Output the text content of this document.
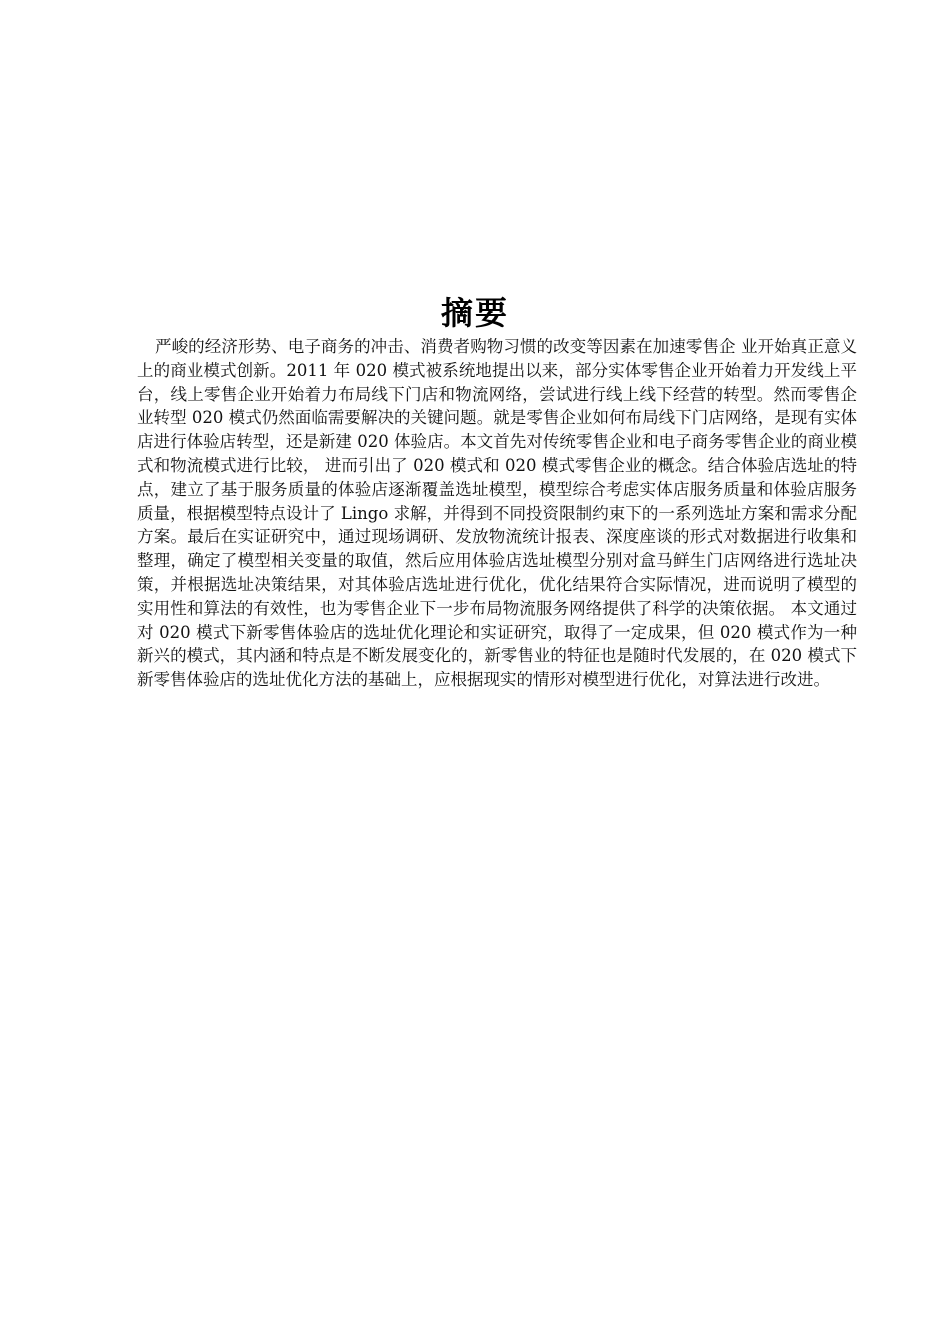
摘要

严峻的经济形势、电子商务的冲击、消费者购物习惯的改变等因素在加速零售企 业开始真正意义上的商业模式创新。2011 年 020 模式被系统地提出以来，部分实体零售企业开始着力开发线上平台，线上零售企业开始着力布局线下门店和物流网络，尝试进行线上线下经营的转型。然而零售企业转型 020 模式仍然面临需要解决的关键问题。就是零售企业如何布局线下门店网络，是现有实体店进行体验店转型，还是新建 020 体验店。本文首先对传统零售企业和电子商务零售企业的商业模式和物流模式进行比较， 进而引出了 020 模式和 020 模式零售企业的概念。结合体验店选址的特点，建立了基于服务质量的体验店逐渐覆盖选址模型，模型综合考虑实体店服务质量和体验店服务质量，根据模型特点设计了 Lingo 求解，并得到不同投资限制约束下的一系列选址方案和需求分配方案。最后在实证研究中，通过现场调研、发放物流统计报表、深度座谈的形式对数据进行收集和整理，确定了模型相关变量的取值，然后应用体验店选址模型分别对盒马鲜生门店网络进行选址决策，并根据选址决策结果，对其体验店选址进行优化，优化结果符合实际情况，进而说明了模型的实用性和算法的有效性，也为零售企业下一步布局物流服务网络提供了科学的决策依据。 本文通过对 020 模式下新零售体验店的选址优化理论和实证研究，取得了一定成果，但 020 模式作为一种新兴的模式，其内涵和特点是不断发展变化的，新零售业的特征也是随时代发展的，在 020 模式下新零售体验店的选址优化方法的基础上，应根据现实的情形对模型进行优化，对算法进行改进。
